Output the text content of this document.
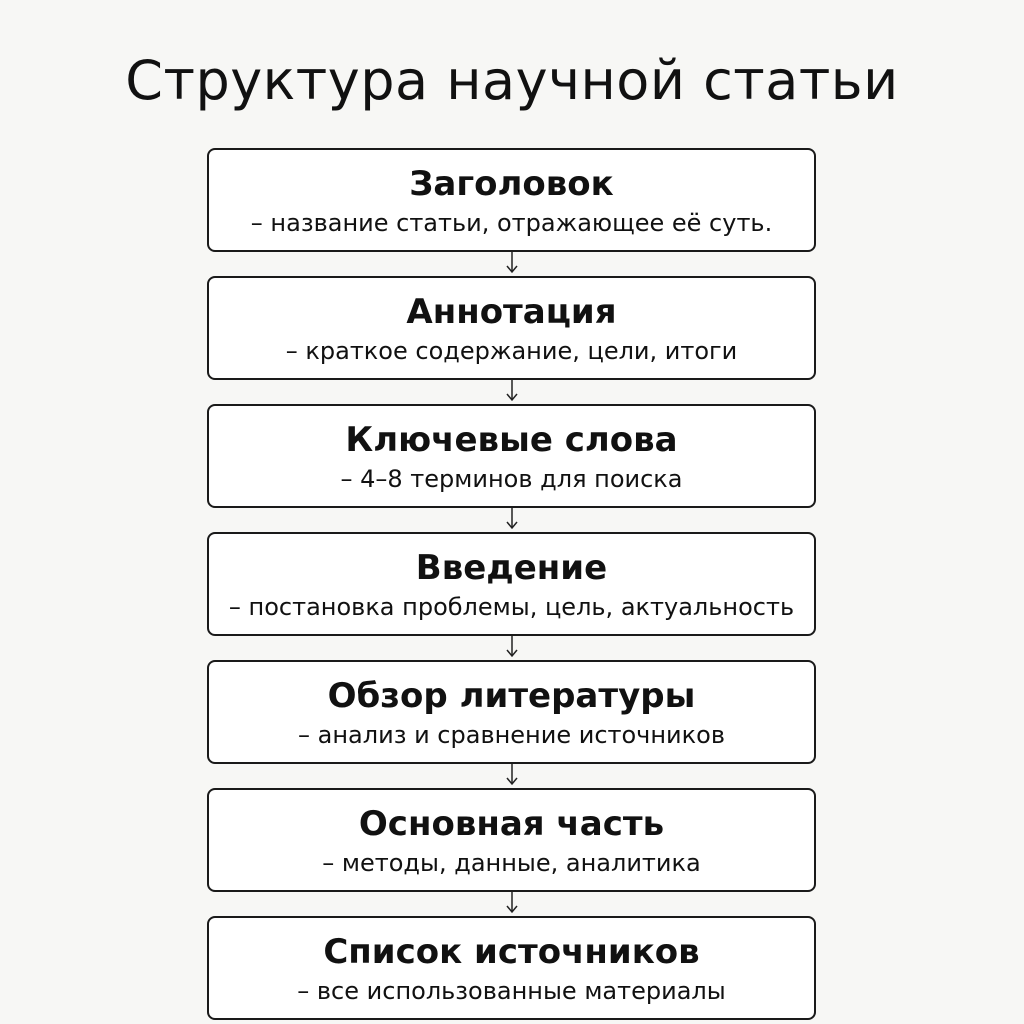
Структура научной статьи
Заголовок
– название статьи, отражающее её суть.
Аннотация
– краткое содержание, цели, итоги
Ключевые слова
– 4–8 терминов для поиска
Введение
– постановка проблемы, цель, актуальность
Обзор литературы
– анализ и сравнение источников
Основная часть
– методы, данные, аналитика
Список источников
– все использованные материалы
